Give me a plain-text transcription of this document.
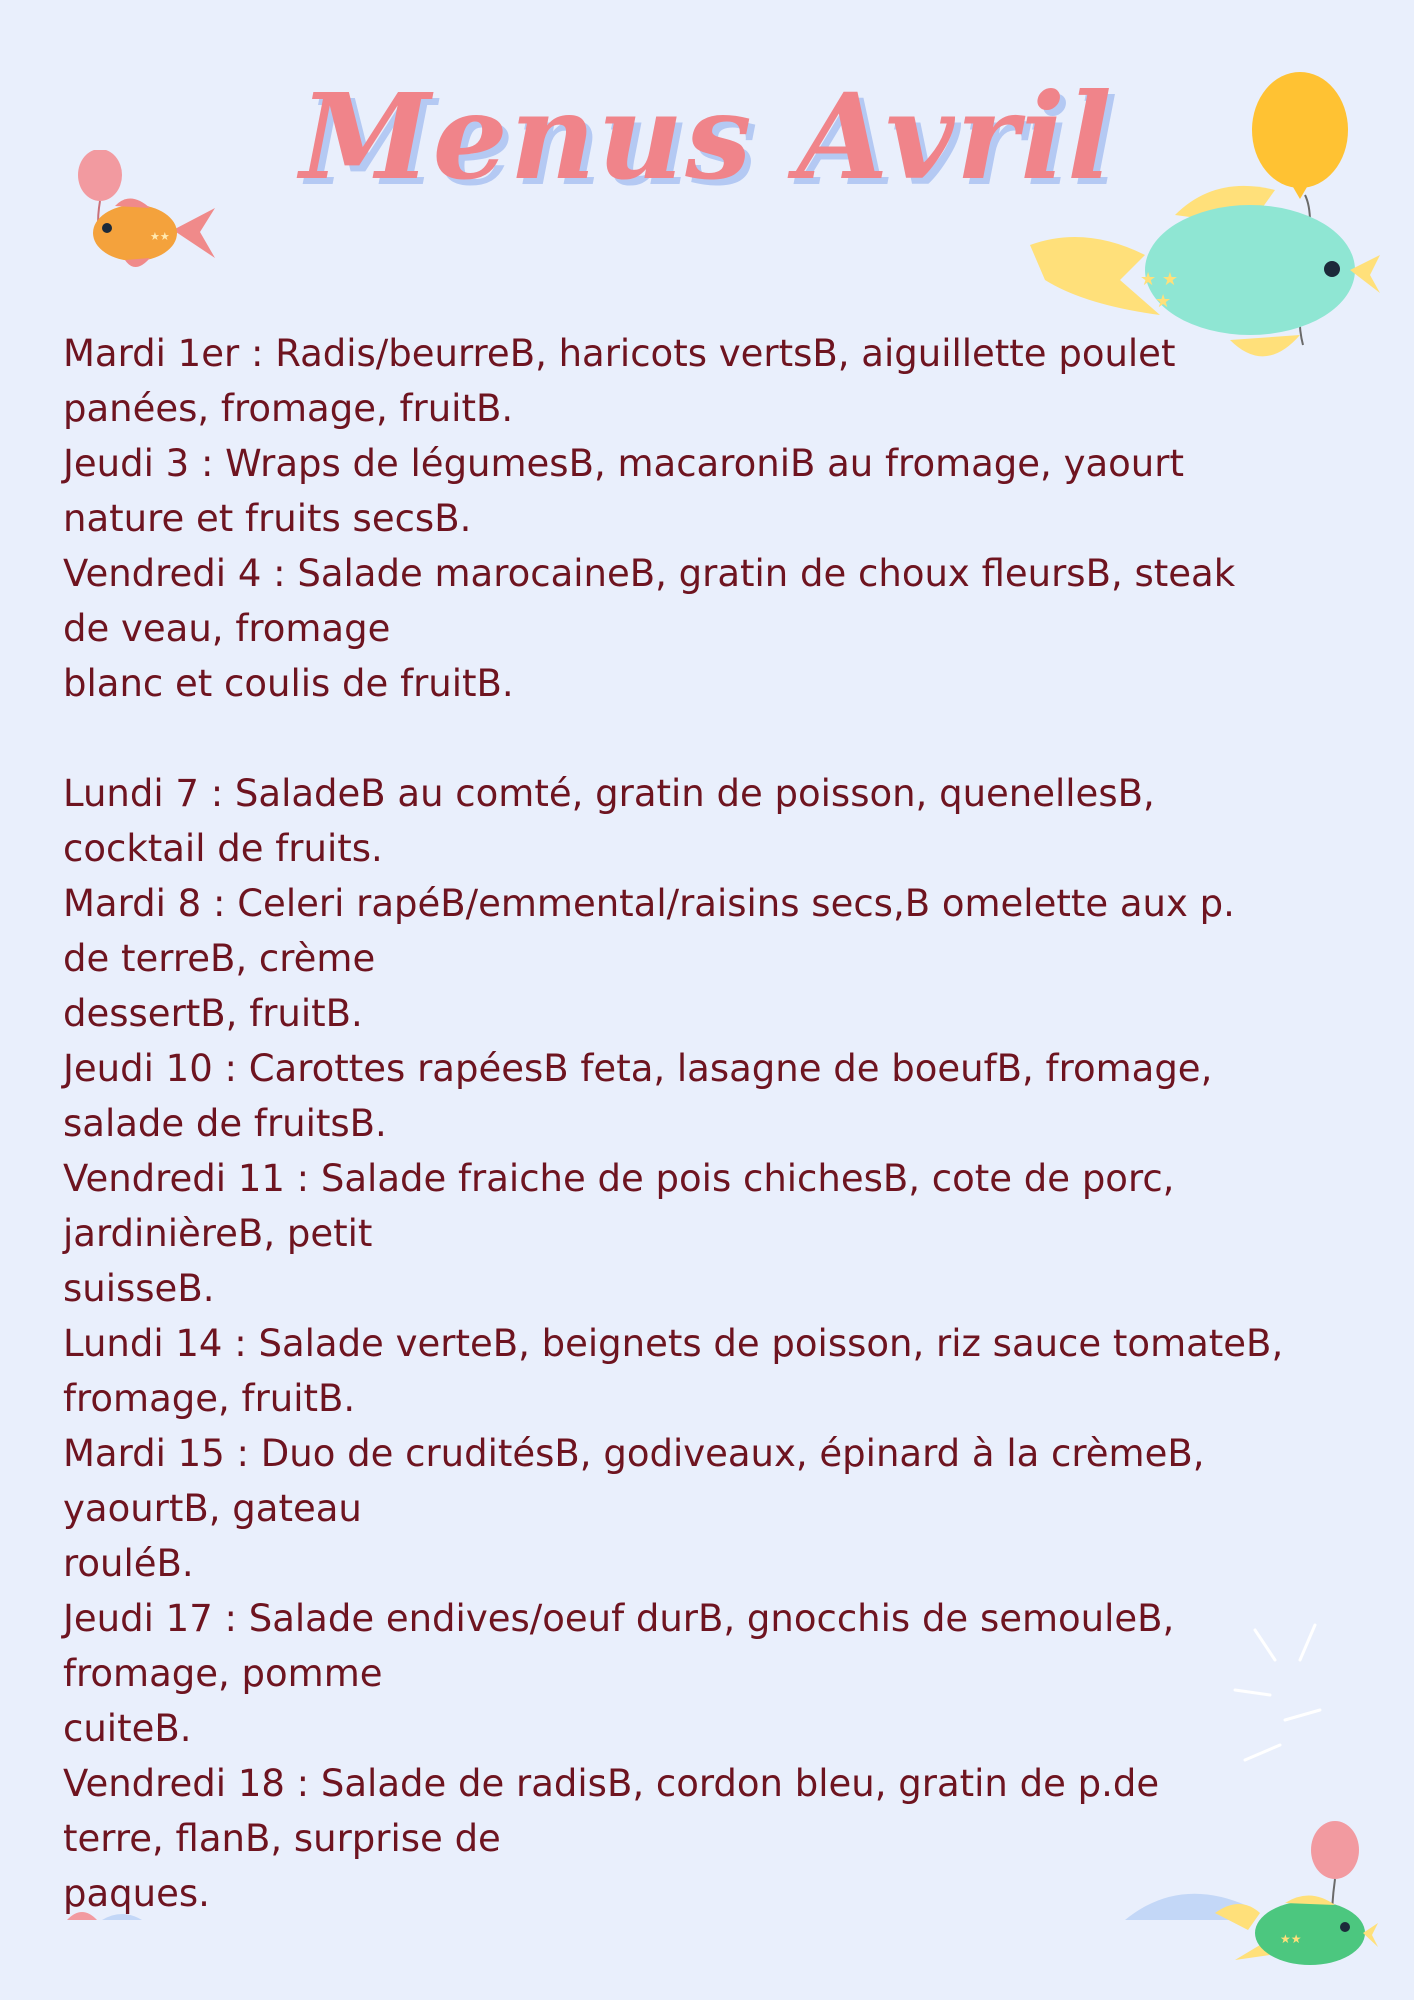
★★
★ ★
★
★★
Menus Avril
Mardi 1er : Radis/beurreB, haricots vertsB, aiguillette poulet
panées, fromage, fruitB.
Jeudi 3 : Wraps de légumesB, macaroniB au fromage, yaourt
nature et fruits secsB.
Vendredi 4 : Salade marocaineB, gratin de choux fleursB, steak
de veau, fromage
blanc et coulis de fruitB.

Lundi 7 : SaladeB au comté, gratin de poisson, quenellesB,
cocktail de fruits.
Mardi 8 : Celeri rapéB/emmental/raisins secs,B omelette aux p.
de terreB, crème
dessertB, fruitB.
Jeudi 10 : Carottes rapéesB feta, lasagne de boeufB, fromage,
salade de fruitsB.
Vendredi 11 : Salade fraiche de pois chichesB, cote de porc,
jardinièreB, petit
suisseB.
Lundi 14 : Salade verteB, beignets de poisson, riz sauce tomateB,
fromage, fruitB.
Mardi 15 : Duo de cruditésB, godiveaux, épinard à la crèmeB,
yaourtB, gateau
rouléB.
Jeudi 17 : Salade endives/oeuf durB, gnocchis de semouleB,
fromage, pomme
cuiteB.
Vendredi 18 : Salade de radisB, cordon bleu, gratin de p.de
terre, flanB, surprise de
paques.
